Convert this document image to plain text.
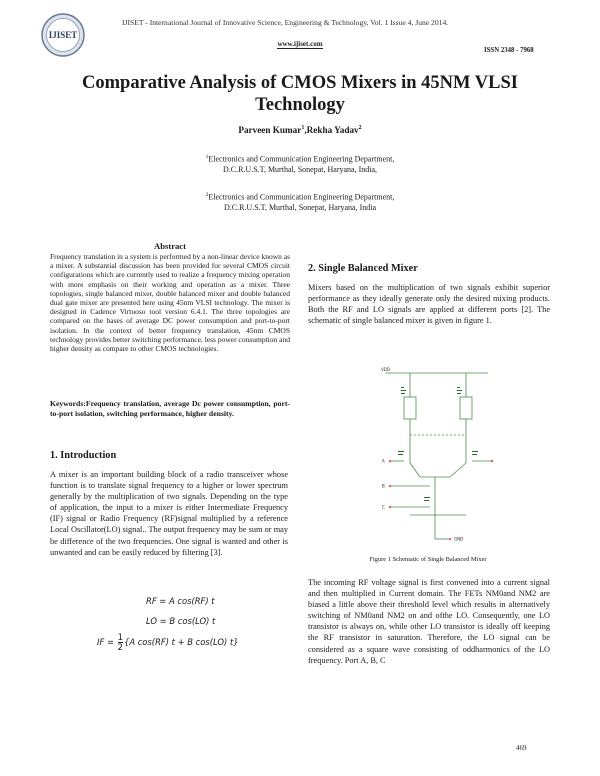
IJISET
IJISET - International Journal of Innovative Science, Engineering & Technology, Vol. 1 Issue 4, June 2014.
www.ijiset.com
ISSN 2348 - 7968
Comparative Analysis of CMOS Mixers in 45NM VLSI Technology
Parveen Kumar$^1$,Rekha Yadav$^2$
$^1$Electronics and Communication Engineering Department,
D.C.R.U.S.T, Murthal, Sonepat, Haryana, India,
$^2$Electronics and Communication Engineering Department,
D.C.R.U.S.T, Murthal, Sonepat, Haryana, India
Abstract
Frequency translation in a system is performed by a non-linear device known as a mixer. A substantial discussion has been provided for several CMOS circuit configurations which are currently used to realize a frequency mixing operation with more emphasis on their working and operation as a mixer. Three topologies, single balanced mixer, double balanced mixer and double balanced dual gate mixer are presented here using 45nm VLSI technology. The mixer is designed in Cadence Virtuoso tool version 6.4.1. The three topologies are compared on the bases of average DC power consumption and port-to-port isolation. In the context of better frequency translation, 45nm CMOS technology provides better switching performance, less power consumption and higher density as compare to other CMOS technologies.
Keywords:Frequency translation, average Dc power consumption, port-to-port isolation, switching performance, higher density.
1. Introduction
A mixer is an important building block of a radio transceiver whose function is to translate signal frequency to a higher or lower spectrum generally by the multiplication of two signals. Depending on the type of application, the input to a mixer is either Intermediate Frequency (IF) signal or Radio Frequency (RF)signal multiplied by a reference Local Oscillator(LO) signal.. The output frequency may be sum or may be difference of the two frequencies. One signal is wanted and other is unwanted and can be easily reduced by filtering [3].
RF = A cos(RF) t
LO = B cos(LO) t
IF = $\frac{1}{2} \{A$ cos(RF) t + B cos(LO) t}
2. Single Balanced Mixer
Mixers based on the multiplication of two signals exhibit superior performance as they ideally generate only the desired mixing products. Both the RF and LO signals are applied at different ports [2]. The schematic of single balanced mixer is given in figure 1.
VDD
A
B
C
GND
Figure 1 Schematic of Single Balanced Mixer
The incoming RF voltage signal is first convened into a current signal and then multiplied in Current domain. The FETs NM0and NM2 are biased a little above their threshold level which results in alternatively switching of NM0and NM2 on and ofthe LO. Consequently, one LO transistor is always on, while other LO transistor is ideally off keeping the RF transistor in saturation. Therefore, the LO signal can be considered as a square wave consisting of oddharmonics of the LO frequency. Port A, B, C
469
